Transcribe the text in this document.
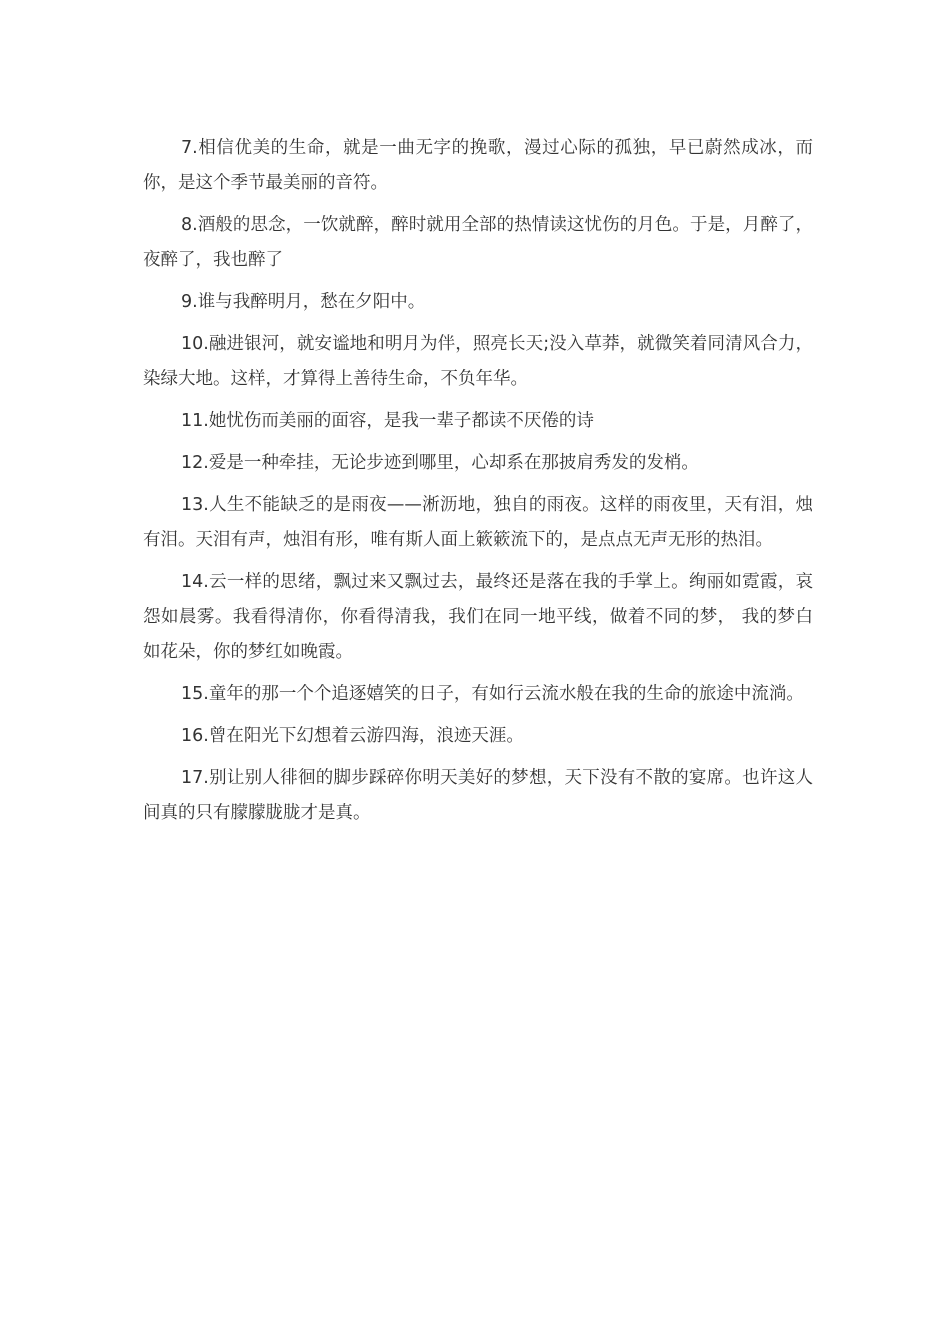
7.相信优美的生命，就是一曲无字的挽歌，漫过心际的孤独，早已蔚然成冰，而你，是这个季节最美丽的音符。

8.酒般的思念，一饮就醉，醉时就用全部的热情读这忧伤的月色。于是，月醉了，夜醉了，我也醉了

9.谁与我醉明月，愁在夕阳中。

10.融进银河，就安谧地和明月为伴，照亮长天;没入草莽，就微笑着同清风合力，染绿大地。这样，才算得上善待生命，不负年华。

11.她忧伤而美丽的面容，是我一辈子都读不厌倦的诗

12.爱是一种牵挂，无论步迹到哪里，心却系在那披肩秀发的发梢。

13.人生不能缺乏的是雨夜——淅沥地，独自的雨夜。这样的雨夜里，天有泪，烛有泪。天泪有声，烛泪有形，唯有斯人面上簌簌流下的，是点点无声无形的热泪。

14.云一样的思绪，飘过来又飘过去，最终还是落在我的手掌上。绚丽如霓霞，哀怨如晨雾。我看得清你，你看得清我，我们在同一地平线，做着不同的梦， 我的梦白如花朵，你的梦红如晚霞。

15.童年的那一个个追逐嬉笑的日子，有如行云流水般在我的生命的旅途中流淌。

16.曾在阳光下幻想着云游四海，浪迹天涯。

17.别让别人徘徊的脚步踩碎你明天美好的梦想，天下没有不散的宴席。也许这人间真的只有朦朦胧胧才是真。
